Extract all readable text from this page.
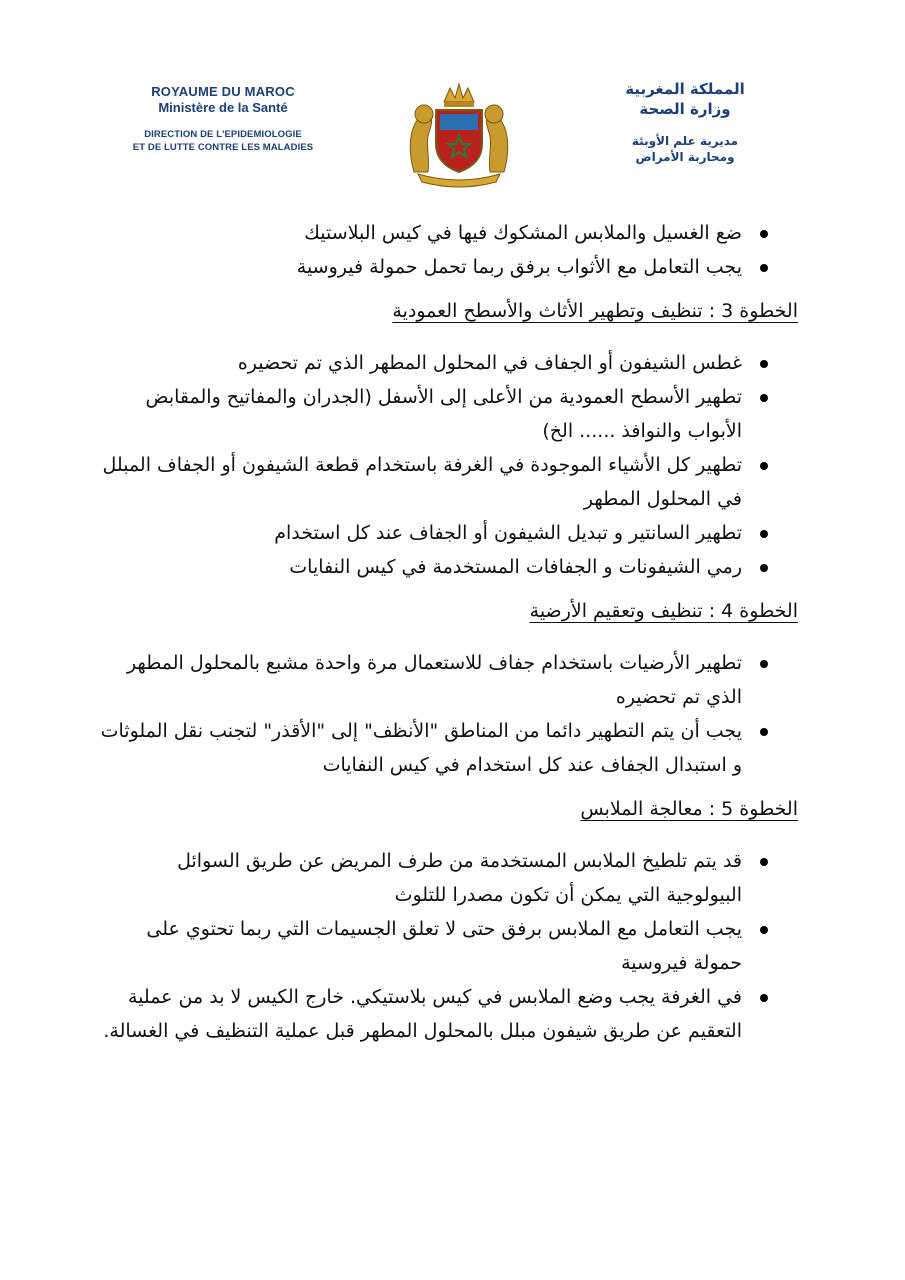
ROYAUME DU MAROC
Ministère de la Santé
DIRECTION DE L'EPIDEMIOLOGIE
ET DE LUTTE CONTRE LES MALADIES
المملكة المغربية
وزارة الصحة
مديرية علم الأوبئة
ومحاربة الأمراض
ضع الغسيل والملابس المشكوك فيها في كيس البلاستيك
يجب التعامل مع الأثواب برفق ربما تحمل حمولة فيروسية

الخطوة 3 : تنظيف وتطهير الأثاث والأسطح العمودية

غطس الشيفون أو الجفاف في المحلول المطهر الذي تم تحضيره
تطهير الأسطح العمودية من الأعلى إلى الأسفل (الجدران والمفاتيح والمقابض الأبواب والنوافذ ...... الخ)
تطهير كل الأشياء الموجودة في الغرفة باستخدام قطعة الشيفون أو الجفاف المبلل في المحلول المطهر
تطهير السانتير و تبديل الشيفون أو الجفاف عند كل استخدام
رمي الشيفونات و الجفافات المستخدمة في كيس النفايات

الخطوة 4 : تنظيف وتعقيم الأرضية

تطهير الأرضيات باستخدام جفاف للاستعمال مرة واحدة مشبع بالمحلول المطهر الذي تم تحضيره
يجب أن يتم التطهير دائما من المناطق "الأنظف" إلى "الأقذر" لتجنب نقل الملوثات و استبدال الجفاف عند كل استخدام في كيس النفايات

الخطوة 5 : معالجة الملابس

قد يتم تلطيخ الملابس المستخدمة من طرف المريض عن طريق السوائل البيولوجية التي يمكن أن تكون مصدرا للتلوث
يجب التعامل مع الملابس برفق حتى لا تعلق الجسيمات التي ربما تحتوي على حمولة فيروسية
في الغرفة يجب وضع الملابس في كيس بلاستيكي. خارج الكيس لا بد من عملية التعقيم عن طريق شيفون مبلل بالمحلول المطهر قبل عملية التنظيف في الغسالة.
